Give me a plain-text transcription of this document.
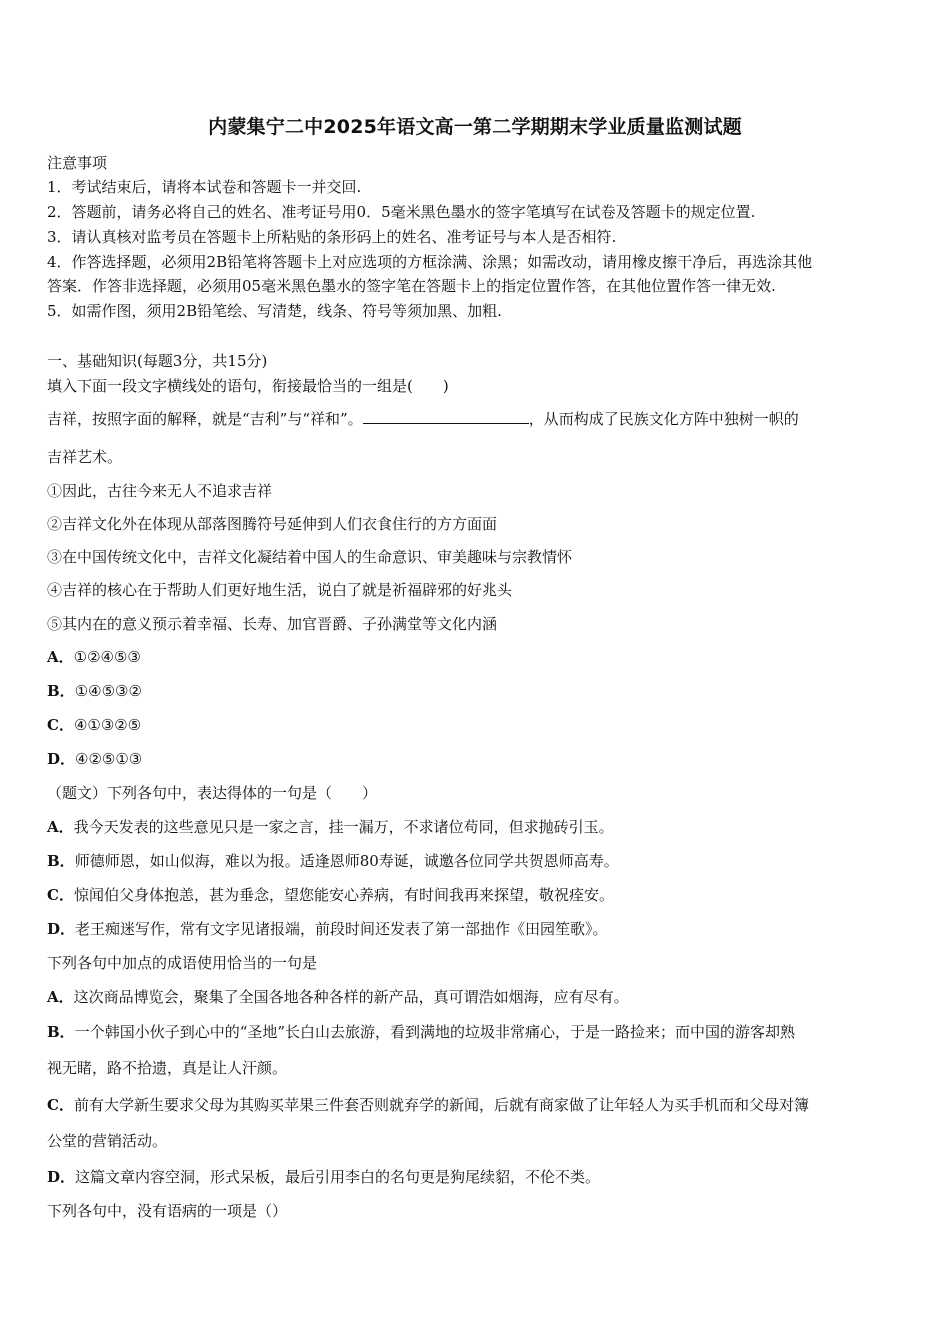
内蒙集宁二中2025年语文高一第二学期期末学业质量监测试题
注意事项
1．考试结束后，请将本试卷和答题卡一并交回.
2．答题前，请务必将自己的姓名、准考证号用0．5毫米黑色墨水的签字笔填写在试卷及答题卡的规定位置.
3．请认真核对监考员在答题卡上所粘贴的条形码上的姓名、准考证号与本人是否相符.
4．作答选择题，必须用2B铅笔将答题卡上对应选项的方框涂满、涂黑；如需改动，请用橡皮擦干净后，再选涂其他
答案．作答非选择题，必须用05毫米黑色墨水的签字笔在答题卡上的指定位置作答，在其他位置作答一律无效.
5．如需作图，须用2B铅笔绘、写清楚，线条、符号等须加黑、加粗.
一、基础知识(每题3分，共15分)
填入下面一段文字横线处的语句，衔接最恰当的一组是(　　)
吉祥，按照字面的解释，就是“吉利”与“祥和”。	，从而构成了民族文化方阵中独树一帜的
吉祥艺术。
①因此，古往今来无人不追求吉祥
②吉祥文化外在体现从部落图腾符号延伸到人们衣食住行的方方面面
③在中国传统文化中，吉祥文化凝结着中国人的生命意识、审美趣味与宗教情怀
④吉祥的核心在于帮助人们更好地生活，说白了就是祈福辟邪的好兆头
⑤其内在的意义预示着幸福、长寿、加官晋爵、子孙满堂等文化内涵
A．①②④⑤③
B．①④⑤③②
C．④①③②⑤
D．④②⑤①③
（题文）下列各句中，表达得体的一句是（　　）
A．我今天发表的这些意见只是一家之言，挂一漏万，不求诸位苟同，但求抛砖引玉。
B．师德师恩，如山似海，难以为报。适逢恩师80寿诞，诚邀各位同学共贺恩师高寿。
C．惊闻伯父身体抱恙，甚为垂念，望您能安心养病，有时间我再来探望，敬祝痊安。
D．老王痴迷写作，常有文字见诸报端，前段时间还发表了第一部拙作《田园笙歌》。
下列各句中加点的成语使用恰当的一句是
A．这次商品博览会，聚集了全国各地各种各样的新产品，真可谓浩如烟海，应有尽有。
B．一个韩国小伙子到心中的“圣地”长白山去旅游，看到满地的垃圾非常痛心，于是一路捡来；而中国的游客却熟
视无睹，路不拾遗，真是让人汗颜。
C．前有大学新生要求父母为其购买苹果三件套否则就弃学的新闻，后就有商家做了让年轻人为买手机而和父母对簿
公堂的营销活动。
D．这篇文章内容空洞，形式呆板，最后引用李白的名句更是狗尾续貂，不伦不类。
下列各句中，没有语病的一项是（）
